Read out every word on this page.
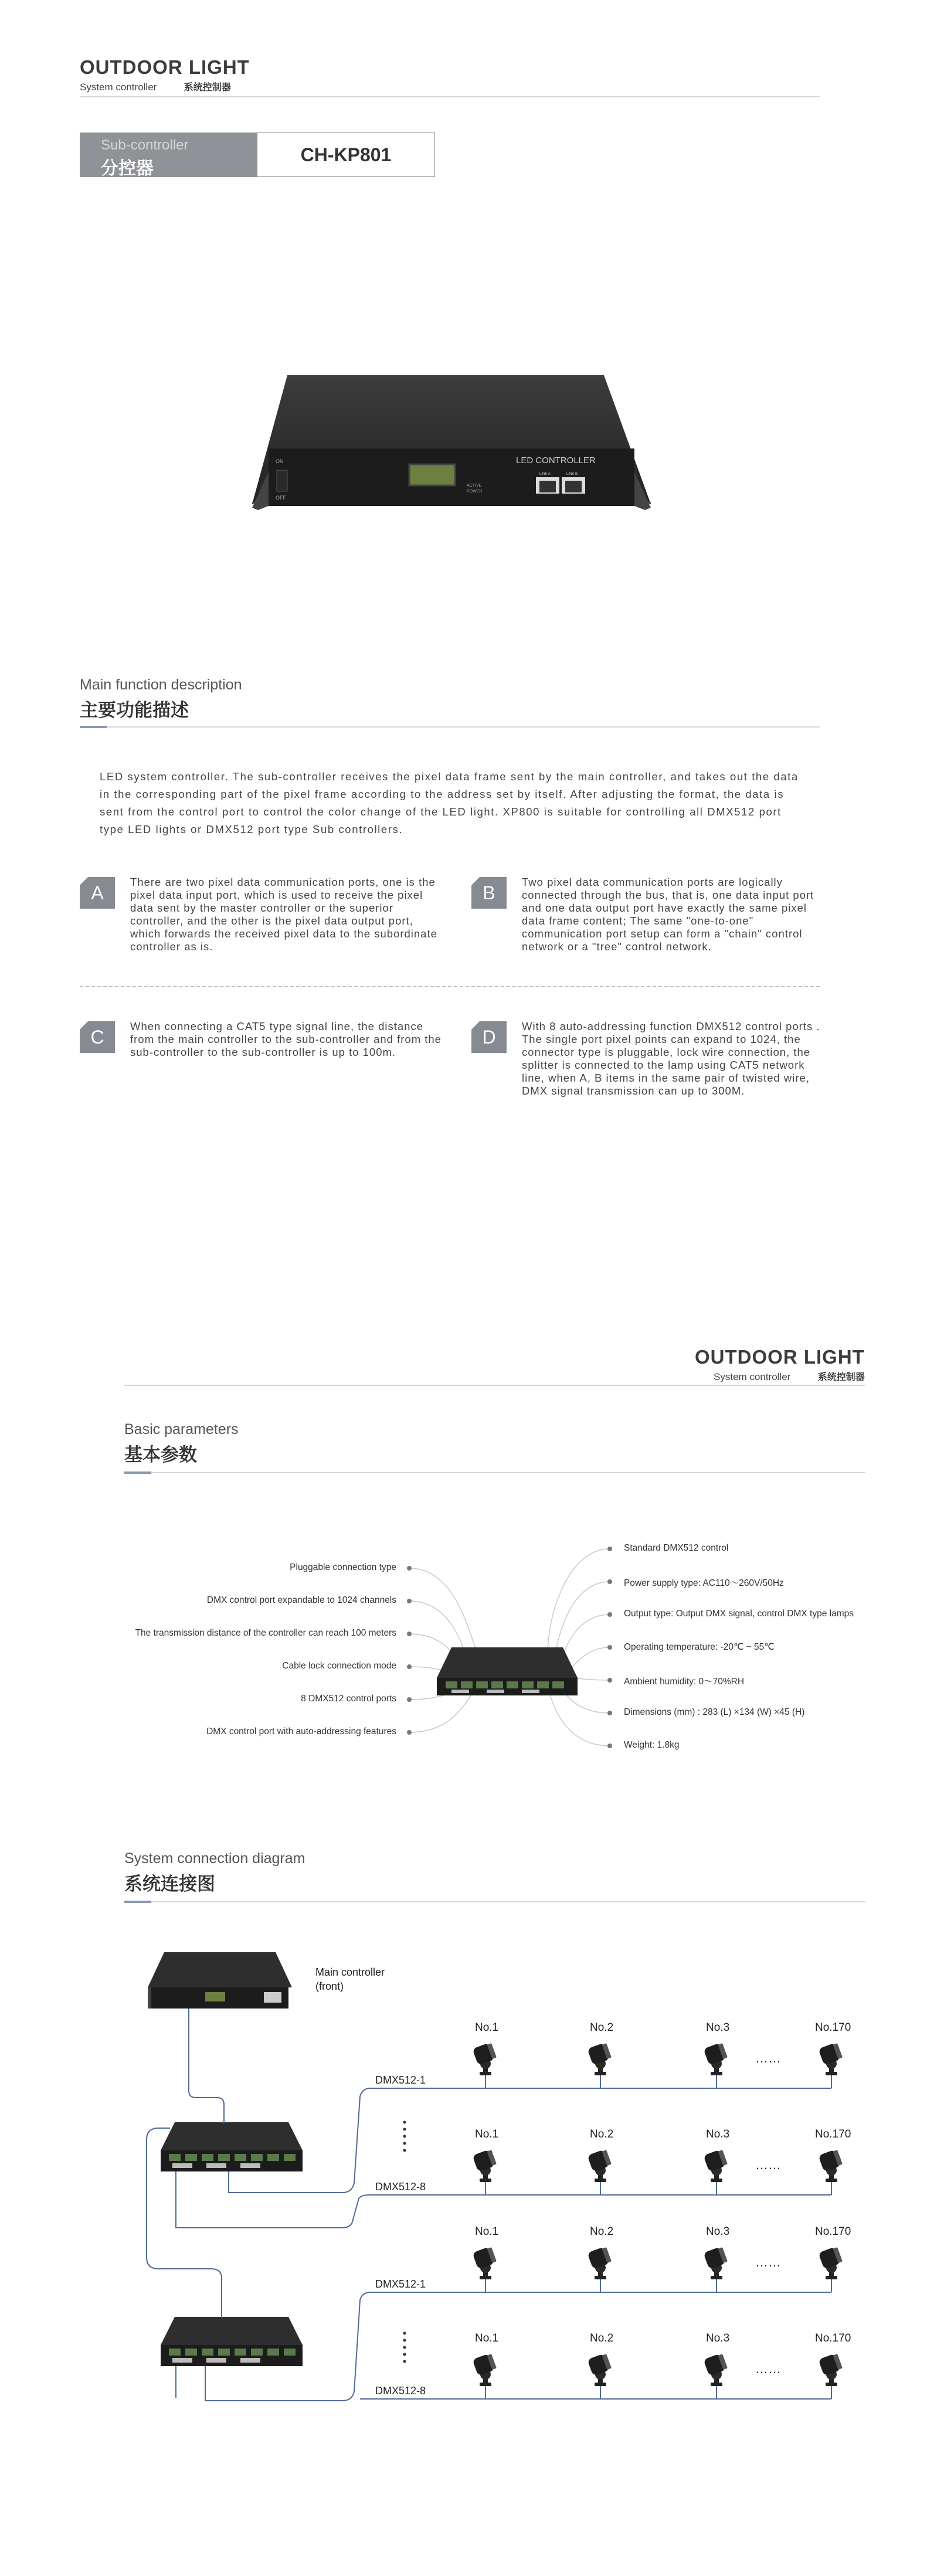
OUTDOOR LIGHT
System controller	系统控制器
Sub-controller
分控器
CH-KP801
LED CONTROLLER
ON
OFF
ACTIVE
POWER
LINK A	LINK B
Main function description
主要功能描述
LED system controller. The sub-controller receives the pixel data frame sent by the main controller, and takes out the data in the corresponding part of the pixel frame according to the address set by itself. After adjusting the format, the data is sent from the control port to control the color change of the LED light. XP800 is suitable for controlling all DMX512 port type LED lights or DMX512 port type Sub controllers.
A	There are two pixel data communication ports, one is the pixel data input port, which is used to receive the pixel data sent by the master controller or the superior controller, and the other is the pixel data output port, which forwards the received pixel data to the subordinate controller as is.
B	Two pixel data communication ports are logically connected through the bus, that is, one data input port and one data output port have exactly the same pixel data frame content; The same "one-to-one" communication port setup can form a "chain" control network or a "tree" control network.
C	When connecting a CAT5 type signal line, the distance from the main controller to the sub-controller and from the sub-controller to the sub-controller is up to 100m.
D	With 8 auto-addressing function DMX512 control ports . The single port pixel points can expand to 1024, the connector type is pluggable, lock wire connection, the splitter is connected to the lamp using CAT5 network line, when A, B items in the same pair of twisted wire, DMX signal transmission can up to 300M.
OUTDOOR LIGHT
System controller	系统控制器
Basic parameters
基本参数
Pluggable connection type
DMX control port expandable to 1024 channels
The transmission distance of the controller can reach 100 meters
Cable lock connection mode
8 DMX512 control ports
DMX control port with auto-addressing features
Standard DMX512 control
Power supply type: AC110～260V/50Hz
Output type: Output DMX signal, control DMX type lamps
Operating temperature: -20℃ ~ 55℃
Ambient humidity: 0～70%RH
Dimensions (mm) : 283 (L) ×134 (W) ×45 (H)
Weight: 1.8kg
System connection diagram
系统连接图
DMX512-1
DMX512-8
DMX512-1
DMX512-8
No.1	No.2	No.3	No.170
……
No.1	No.2	No.3	No.170
……
No.1	No.2	No.3	No.170
……
No.1	No.2	No.3	No.170
……
Main controller
(front)
